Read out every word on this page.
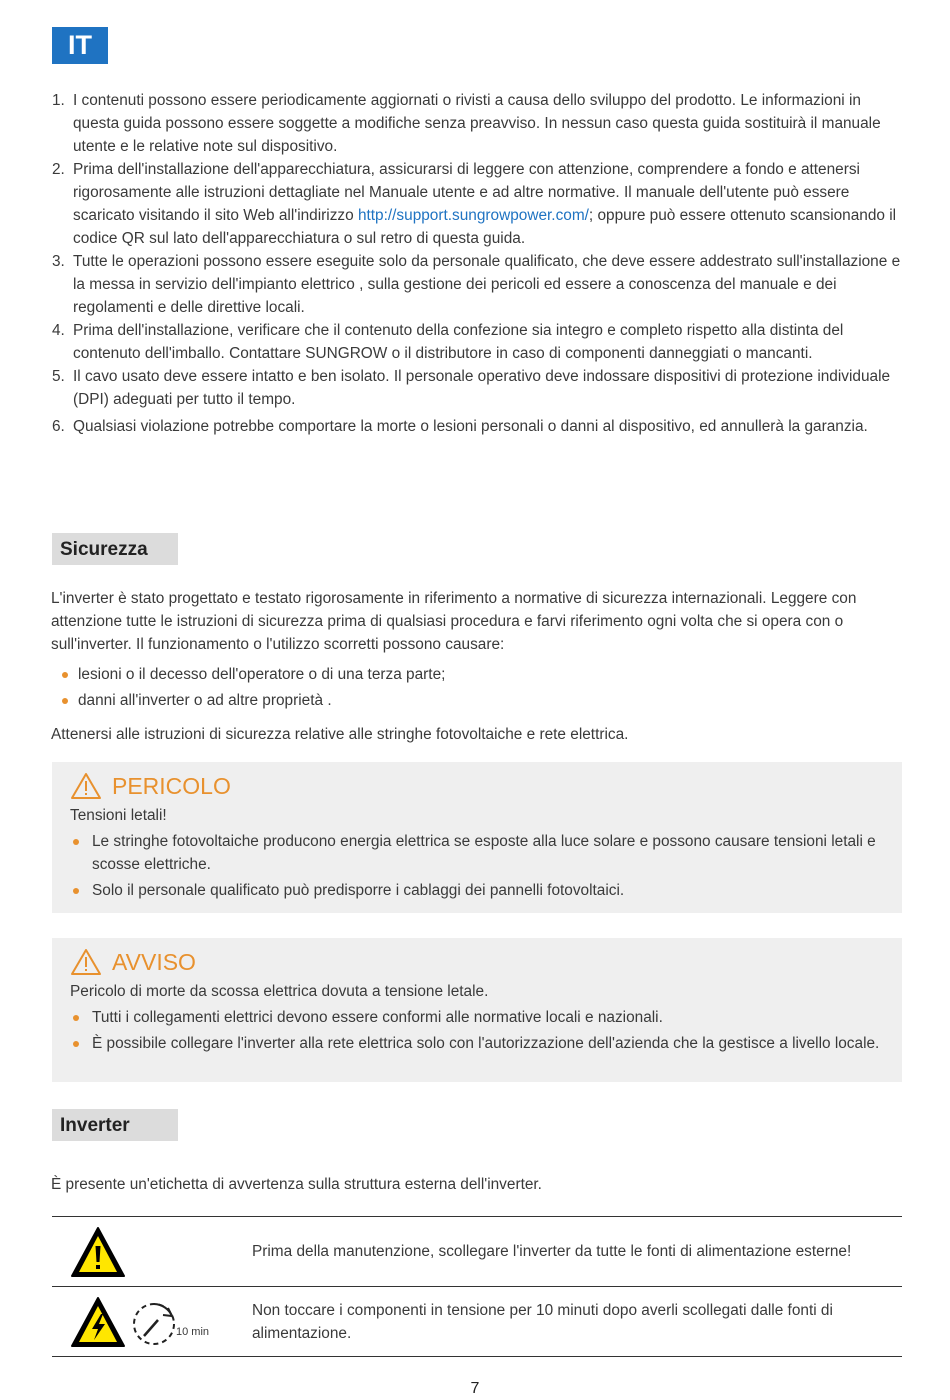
IT
1. I contenuti possono essere periodicamente aggiornati o rivisti a causa dello sviluppo del prodotto. Le informazioni in questa guida possono essere soggette a modifiche senza preavviso. In nessun caso questa guida sostituirà il manuale utente e le relative note sul dispositivo.
2. Prima dell'installazione dell'apparecchiatura, assicurarsi di leggere con attenzione, comprendere a fondo e attenersi rigorosamente alle istruzioni dettagliate nel Manuale utente e ad altre normative. Il manuale dell'utente può essere scaricato visitando il sito Web all'indirizzo http://support.sungrowpower.com/; oppure può essere ottenuto scansionando il codice QR sul lato dell'apparecchiatura o sul retro di questa guida.
3. Tutte le operazioni possono essere eseguite solo da personale qualificato, che deve essere addestrato sull'installazione e la messa in servizio dell'impianto elettrico , sulla gestione dei pericoli ed essere a conoscenza del manuale e dei regolamenti e delle direttive locali.
4. Prima dell'installazione, verificare che il contenuto della confezione sia integro e completo rispetto alla distinta del contenuto dell'imballo. Contattare SUNGROW o il distributore in caso di componenti danneggiati o mancanti.
5. Il cavo usato deve essere intatto e ben isolato. Il personale operativo deve indossare dispositivi di protezione individuale (DPI) adeguati per tutto il tempo.
6. Qualsiasi violazione potrebbe comportare la morte o lesioni personali o danni al dispositivo, ed annullerà la garanzia.
Sicurezza
L'inverter è stato progettato e testato rigorosamente in riferimento a normative di sicurezza internazionali. Leggere con attenzione tutte le istruzioni di sicurezza prima di qualsiasi procedura e farvi riferimento ogni volta che si opera con o sull'inverter. Il funzionamento o l'utilizzo scorretti possono causare:
lesioni o il decesso dell'operatore o di una terza parte;
danni all'inverter o ad altre proprietà .
Attenersi alle istruzioni di sicurezza relative alle stringhe fotovoltaiche e rete elettrica.
PERICOLO

Tensioni letali!

Le stringhe fotovoltaiche producono energia elettrica se esposte alla luce solare e possono causare tensioni letali e scosse elettriche.
Solo il personale qualificato può predisporre i cablaggi dei pannelli fotovoltaici.
AVVISO

Pericolo di morte da scossa elettrica dovuta a tensione letale.

Tutti i collegamenti elettrici devono essere conformi alle normative locali e nazionali.
È possibile collegare l'inverter alla rete elettrica solo con l'autorizzazione dell'azienda che la gestisce a livello locale.
Inverter
È presente un'etichetta di avvertenza sulla struttura esterna dell'inverter.
Prima della manutenzione, scollegare l'inverter da tutte le fonti di alimentazione esterne!
10 min
Non toccare i componenti in tensione per 10 minuti dopo averli scollegati dalle fonti di alimentazione.
7
